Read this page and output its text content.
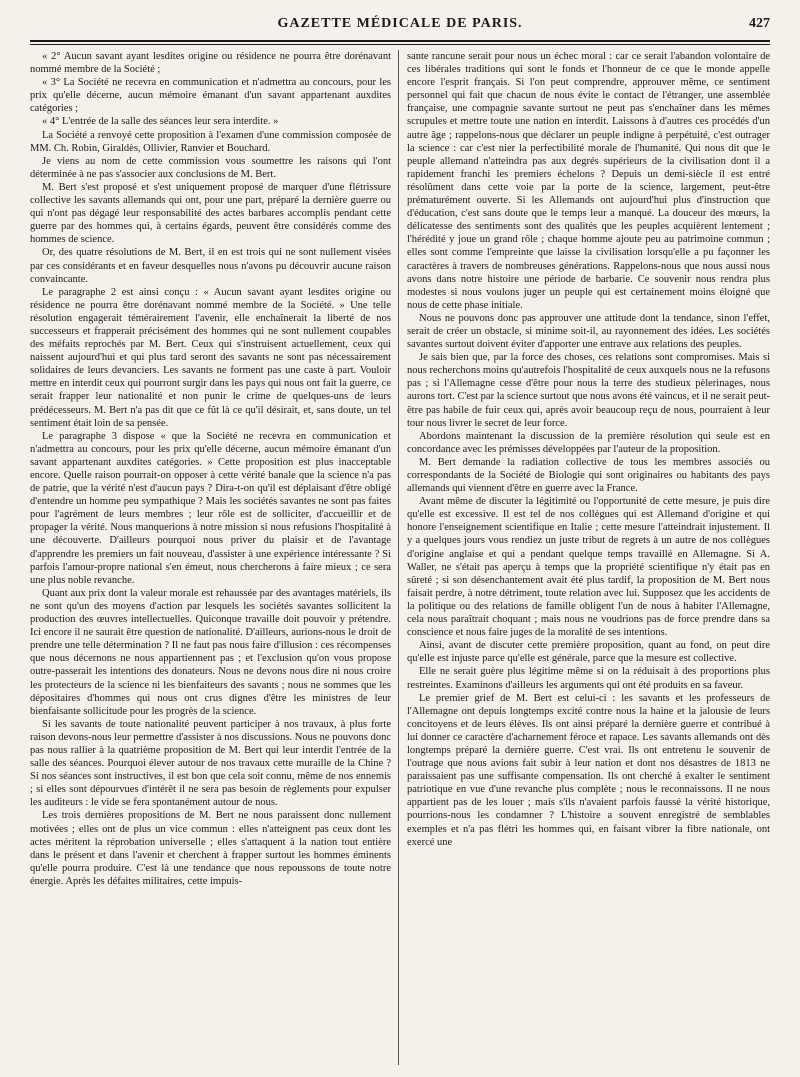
GAZETTE MÉDICALE DE PARIS.	427

« 2° Aucun savant ayant lesdites origine ou résidence ne pourra être dorénavant nommé membre de la Société ;

« 3° La Société ne recevra en communication et n'admettra au concours, pour les prix qu'elle décerne, aucun mémoire émanant d'un savant appartenant auxdites catégories ;

« 4° L'entrée de la salle des séances leur sera interdite. »

La Société a renvoyé cette proposition à l'examen d'une commission composée de MM. Ch. Robin, Giraldès, Ollivier, Ranvier et Bouchard.

Je viens au nom de cette commission vous soumettre les raisons qui l'ont déterminée à ne pas s'associer aux conclusions de M. Bert.

M. Bert s'est proposé et s'est uniquement proposé de marquer d'une flétrissure collective les savants allemands qui ont, pour une part, préparé la dernière guerre ou qui n'ont pas dégagé leur responsabilité des actes barbares accomplis pendant cette guerre par des hommes qui, à certains égards, peuvent être considérés comme des hommes de science.

Or, des quatre résolutions de M. Bert, il en est trois qui ne sont nullement visées par ces considérants et en faveur desquelles nous n'avons pu découvrir aucune raison convaincante.

Le paragraphe 2 est ainsi conçu : « Aucun savant ayant lesdites origine ou résidence ne pourra être dorénavant nommé membre de la Société. » Une telle résolution engagerait témérairement l'avenir, elle enchaînerait la liberté de nos successeurs et frapperait précisément des hommes qui ne sont nullement coupables des méfaits reprochés par M. Bert. Ceux qui s'instruisent actuellement, ceux qui naissent aujourd'hui et qui plus tard seront des savants ne sont pas nécessairement solidaires de leurs devanciers. Les savants ne forment pas une caste à part. Vouloir mettre en interdit ceux qui pourront surgir dans les pays qui nous ont fait la guerre, ce serait frapper leur nationalité et non punir le crime de quelques-uns de leurs prédécesseurs. M. Bert n'a pas dit que ce fût là ce qu'il désirait, et, sans doute, un tel sentiment était loin de sa pensée.

Le paragraphe 3 dispose « que la Société ne recevra en communication et n'admettra au concours, pour les prix qu'elle décerne, aucun mémoire émanant d'un savant appartenant auxdites catégories. » Cette proposition est plus inacceptable encore. Quelle raison pourrait-on opposer à cette vérité banale que la science n'a pas de patrie, que la vérité n'est d'aucun pays ? Dira-t-on qu'il est déplaisant d'être obligé d'entendre un homme peu sympathique ? Mais les sociétés savantes ne sont pas faites pour l'agrément de leurs membres ; leur rôle est de solliciter, d'accueillir et de propager la vérité. Nous manquerions à notre mission si nous refusions l'hospitalité à une découverte. D'ailleurs pourquoi nous priver du plaisir et de l'avantage d'apprendre les premiers un fait nouveau, d'assister à une expérience intéressante ? Si parfois l'amour-propre national s'en émeut, nous chercherons à faire mieux ; ce sera une plus noble revanche.

Quant aux prix dont la valeur morale est rehaussée par des avantages matériels, ils ne sont qu'un des moyens d'action par lesquels les sociétés savantes sollicitent la production des œuvres intellectuelles. Quiconque travaille doit pouvoir y prétendre. Ici encore il ne saurait être question de nationalité. D'ailleurs, aurions-nous le droit de prendre une telle détermination ? Il ne faut pas nous faire d'illusion : ces récompenses que nous décernons ne nous appartiennent pas ; et l'exclusion qu'on vous propose outre-passerait les intentions des donateurs. Nous ne devons nous dire ni nous croire les protecteurs de la science ni les bienfaiteurs des savants ; nous ne sommes que les dépositaires d'hommes qui nous ont crus dignes d'être les ministres de leur bienfaisante sollicitude pour les progrès de la science.

Si les savants de toute nationalité peuvent participer à nos travaux, à plus forte raison devons-nous leur permettre d'assister à nos discussions. Nous ne pouvons donc pas nous rallier à la quatrième proposition de M. Bert qui leur interdit l'entrée de la salle des séances. Pourquoi élever autour de nos travaux cette muraille de la Chine ? Si nos séances sont instructives, il est bon que cela soit connu, même de nos ennemis ; si elles sont dépourvues d'intérêt il ne sera pas besoin de règlements pour expulser les auditeurs : le vide se fera spontanément autour de nous.

Les trois dernières propositions de M. Bert ne nous paraissent donc nullement motivées ; elles ont de plus un vice commun : elles n'atteignent pas ceux dont les actes méritent la réprobation universelle ; elles s'attaquent à la nation tout entière dans le présent et dans l'avenir et cherchent à frapper surtout les hommes éminents qu'elle pourra produire. C'est là une tendance que nous repoussons de toute notre énergie. Après les défaites militaires, cette impuis-

sante rancune serait pour nous un échec moral : car ce serait l'abandon volontaire de ces libérales traditions qui sont le fonds et l'honneur de ce que le monde appelle encore l'esprit français. Si l'on peut comprendre, approuver même, ce sentiment personnel qui fait que chacun de nous évite le contact de l'étranger, une assemblée française, une compagnie savante surtout ne peut pas s'enchaîner dans les mêmes scrupules et mettre toute une nation en interdit. Laissons à d'autres ces procédés d'un autre âge ; rappelons-nous que déclarer un peuple indigne à perpétuité, c'est outrager la science : car c'est nier la perfectibilité morale de l'humanité. Qui nous dit que le peuple allemand n'atteindra pas aux degrés supérieurs de la civilisation dont il a rapidement franchi les premiers échelons ? Depuis un demi-siècle il est entré résolûment dans cette voie par la porte de la science, largement, peut-être prématurément ouverte. Si les Allemands ont aujourd'hui plus d'instruction que d'éducation, c'est sans doute que le temps leur a manqué. La douceur des mœurs, la délicatesse des sentiments sont des qualités que les peuples acquièrent lentement ; l'hérédité y joue un grand rôle ; chaque homme ajoute peu au patrimoine commun ; elles sont comme l'empreinte que laisse la civilisation lorsqu'elle a pu façonner les caractères à travers de nombreuses générations. Rappelons-nous que nous aussi nous avons dans notre histoire une période de barbarie. Ce souvenir nous rendra plus modestes si nous voulons juger un peuple qui est certainement moins éloigné que nous de cette phase initiale.

Nous ne pouvons donc pas approuver une attitude dont la tendance, sinon l'effet, serait de créer un obstacle, si minime soit-il, au rayonnement des idées. Les sociétés savantes surtout doivent éviter d'apporter une entrave aux relations des peuples.

Je sais bien que, par la force des choses, ces relations sont compromises. Mais si nous recherchons moins qu'autrefois l'hospitalité de ceux auxquels nous ne la refusons pas ; si l'Allemagne cesse d'être pour nous la terre des studieux pèlerinages, nous aurons tort. C'est par la science surtout que nous avons été vaincus, et il ne serait peut-être pas habile de fuir ceux qui, après avoir beaucoup reçu de nous, pourraient à leur tour nous livrer le secret de leur force.

Abordons maintenant la discussion de la première résolution qui seule est en concordance avec les prémisses développées par l'auteur de la proposition.

M. Bert demande la radiation collective de tous les membres associés ou correspondants de la Société de Biologie qui sont originaires ou habitants des pays allemands qui viennent d'être en guerre avec la France.

Avant même de discuter la légitimité ou l'opportunité de cette mesure, je puis dire qu'elle est excessive. Il est tel de nos collègues qui est Allemand d'origine et qui honore l'enseignement scientifique en Italie ; cette mesure l'atteindrait injustement. Il y a quelques jours vous rendiez un juste tribut de regrets à un autre de nos collègues d'origine anglaise et qui a pendant quelque temps travaillé en Allemagne. Si A. Waller, ne s'était pas aperçu à temps que la propriété scientifique n'y était pas en sûreté ; si son désenchantement avait été plus tardif, la proposition de M. Bert nous faisait perdre, à notre détriment, toute relation avec lui. Supposez que les accidents de la politique ou des relations de famille obligent l'un de nous à habiter l'Allemagne, cela nous paraîtrait choquant ; mais nous ne voudrions pas de force prendre dans sa conscience et nous faire juges de la moralité de ses intentions.

Ainsi, avant de discuter cette première proposition, quant au fond, on peut dire qu'elle est injuste parce qu'elle est générale, parce que la mesure est collective.

Elle ne serait guère plus légitime même si on la réduisait à des proportions plus restreintes. Examinons d'ailleurs les arguments qui ont été produits en sa faveur.

Le premier grief de M. Bert est celui-ci : les savants et les professeurs de l'Allemagne ont depuis longtemps excité contre nous la haine et la jalousie de leurs concitoyens et de leurs élèves. Ils ont ainsi préparé la dernière guerre et contribué à lui donner ce caractère d'acharnement féroce et rapace. Les savants allemands ont dès longtemps préparé la dernière guerre. C'est vrai. Ils ont entretenu le souvenir de l'outrage que nous avions fait subir à leur nation et dont nos désastres de 1813 ne paraissaient pas une suffisante compensation. Ils ont cherché à exalter le sentiment patriotique en vue d'une revanche plus complète ; nous le reconnaissons. Il ne nous appartient pas de les louer ; mais s'ils n'avaient parfois faussé la vérité historique, pourrions-nous les condamner ? L'histoire a souvent enregistré de semblables exemples et n'a pas flétri les hommes qui, en faisant vibrer la fibre nationale, ont exercé une
